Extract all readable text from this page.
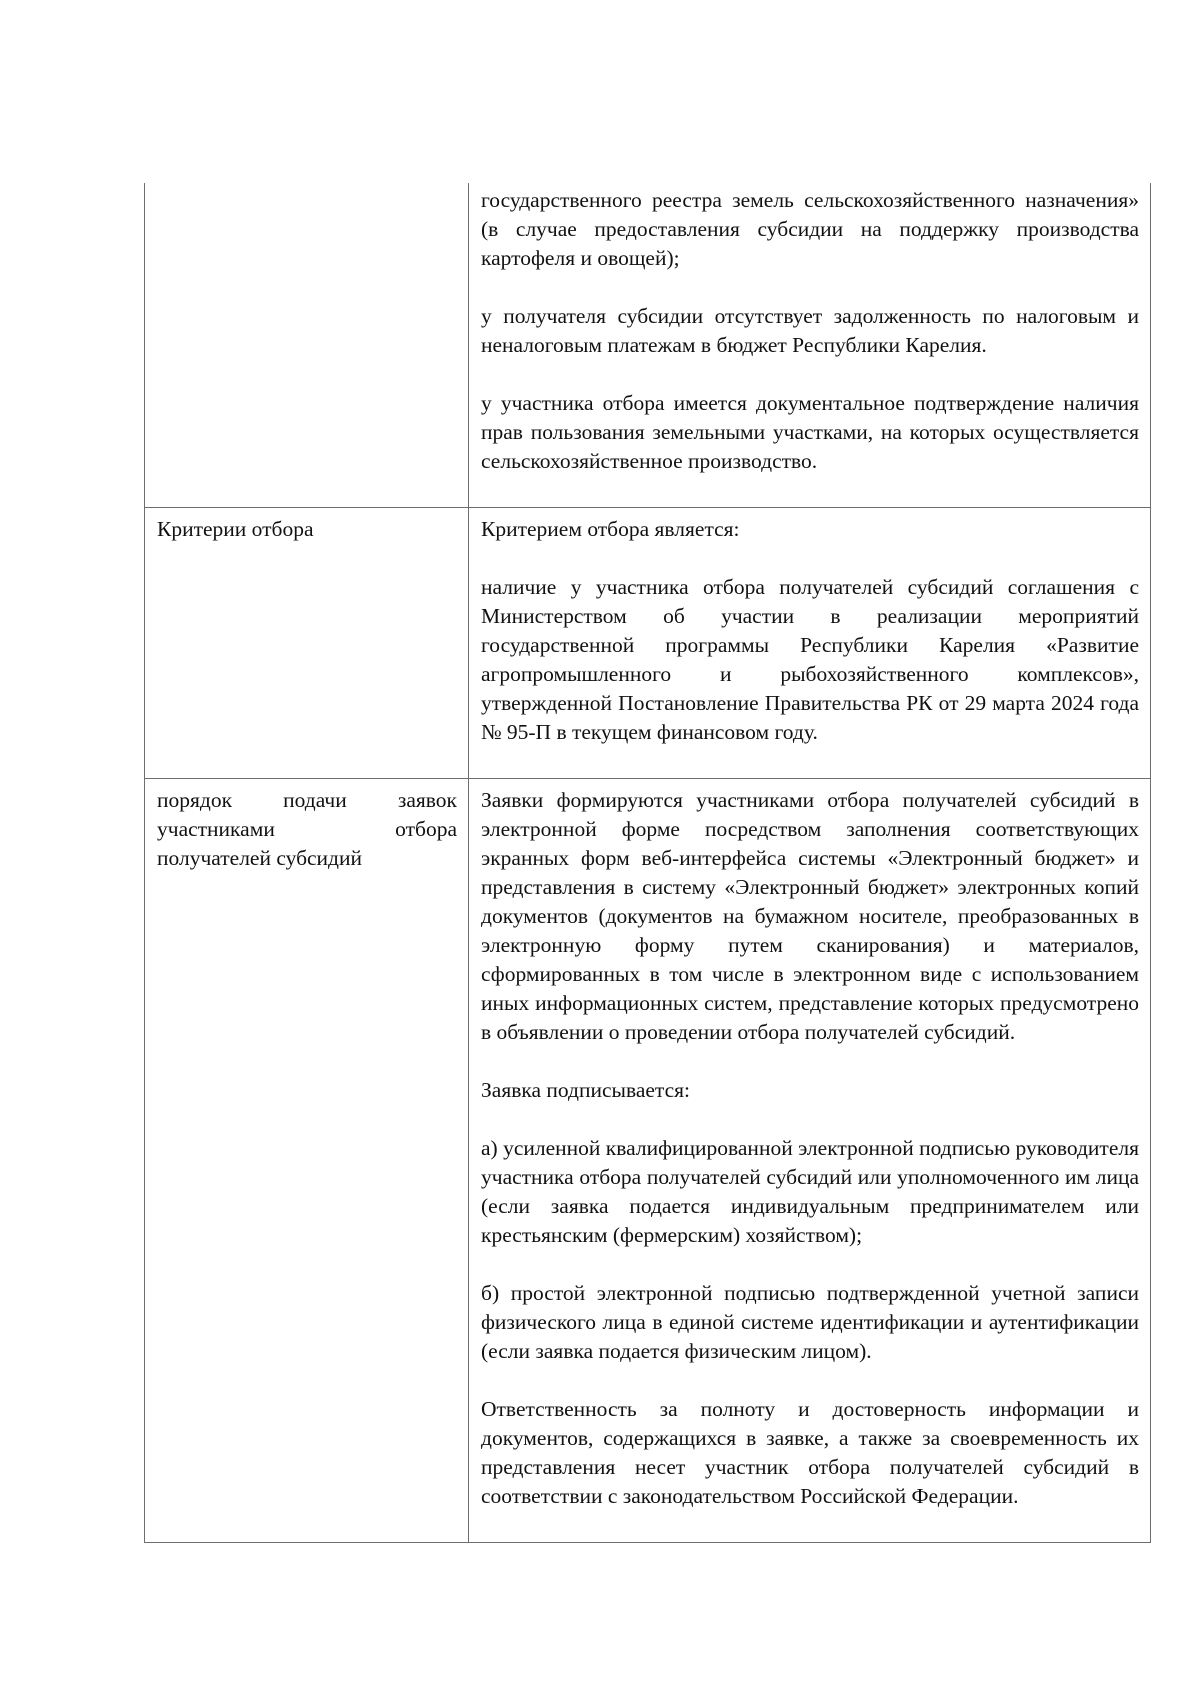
	государственного реестра земель сельскохозяйственного назначения» (в случае предоставления субсидии на поддержку производства картофеля и овощей);

у получателя субсидии отсутствует задолженность по налоговым и неналоговым платежам в бюджет Республики Карелия.

у участника отбора имеется документальное подтверждение наличия прав пользования земельными участками, на которых осуществляется сельскохозяйственное производство.

Критерии отбора	Критерием отбора является:

наличие у участника отбора получателей субсидий соглашения с Министерством об участии в реализации мероприятий государственной программы Республики Карелия «Развитие агропромышленного и рыбохозяйственного комплексов», утвержденной Постановление Правительства РК от 29 марта 2024 года № 95-П в текущем финансовом году.

порядок подачи заявок участниками отбора получателей субсидий	Заявки формируются участниками отбора получателей субсидий в электронной форме посредством заполнения соответствующих экранных форм веб-интерфейса системы «Электронный бюджет» и представления в систему «Электронный бюджет» электронных копий документов (документов на бумажном носителе, преобразованных в электронную форму путем сканирования) и материалов, сформированных в том числе в электронном виде с использованием иных информационных систем, представление которых предусмотрено в объявлении о проведении отбора получателей субсидий.

Заявка подписывается:

а) усиленной квалифицированной электронной подписью руководителя участника отбора получателей субсидий или уполномоченного им лица (если заявка подается индивидуальным предпринимателем или крестьянским (фермерским) хозяйством);

б) простой электронной подписью подтвержденной учетной записи физического лица в единой системе идентификации и аутентификации (если заявка подается физическим лицом).

Ответственность за полноту и достоверность информации и документов, содержащихся в заявке, а также за своевременность их представления несет участник отбора получателей субсидий в соответствии с законодательством Российской Федерации.
